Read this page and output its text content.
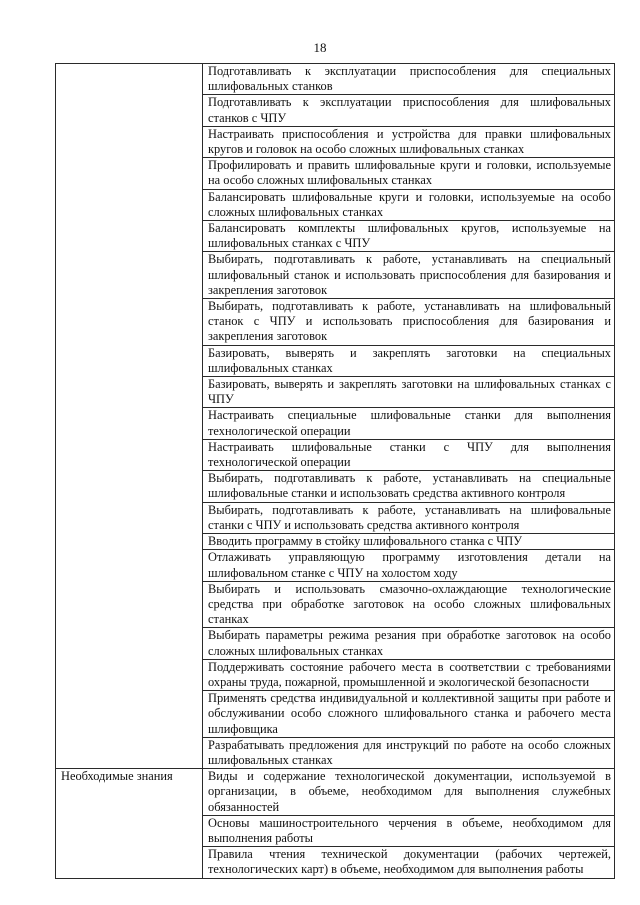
18
	Подготавливать к эксплуатации приспособления для специальных шлифовальных станков
	Подготавливать к эксплуатации приспособления для шлифовальных станков с ЧПУ
	Настраивать приспособления и устройства для правки шлифовальных кругов и головок на особо сложных шлифовальных станках
	Профилировать и править шлифовальные круги и головки, используемые на особо сложных шлифовальных станках
	Балансировать шлифовальные круги и головки, используемые на особо сложных шлифовальных станках
	Балансировать комплекты шлифовальных кругов, используемые на шлифовальных станках с ЧПУ
	Выбирать, подготавливать к работе, устанавливать на специальный шлифовальный станок и использовать приспособления для базирования и закрепления заготовок
	Выбирать, подготавливать к работе, устанавливать на шлифовальный станок с ЧПУ и использовать приспособления для базирования и закрепления заготовок
	Базировать, выверять и закреплять заготовки на специальных шлифовальных станках
	Базировать, выверять и закреплять заготовки на шлифовальных станках с ЧПУ
	Настраивать специальные шлифовальные станки для выполнения технологической операции
	Настраивать шлифовальные станки с ЧПУ для выполнения технологической операции
	Выбирать, подготавливать к работе, устанавливать на специальные шлифовальные станки и использовать средства активного контроля
	Выбирать, подготавливать к работе, устанавливать на шлифовальные станки с ЧПУ и использовать средства активного контроля
	Вводить программу в стойку шлифовального станка с ЧПУ
	Отлаживать управляющую программу изготовления детали на шлифовальном станке с ЧПУ на холостом ходу
	Выбирать и использовать смазочно-охлаждающие технологические средства при обработке заготовок на особо сложных шлифовальных станках
	Выбирать параметры режима резания при обработке заготовок на особо сложных шлифовальных станках
	Поддерживать состояние рабочего места в соответствии с требованиями охраны труда, пожарной, промышленной и экологической безопасности
	Применять средства индивидуальной и коллективной защиты при работе и обслуживании особо сложного шлифовального станка и рабочего места шлифовщика
	Разрабатывать предложения для инструкций по работе на особо сложных шлифовальных станках
Необходимые знания	Виды и содержание технологической документации, используемой в организации, в объеме, необходимом для выполнения служебных обязанностей
	Основы машиностроительного черчения в объеме, необходимом для выполнения работы
	Правила чтения технической документации (рабочих чертежей, технологических карт) в объеме, необходимом для выполнения работы
